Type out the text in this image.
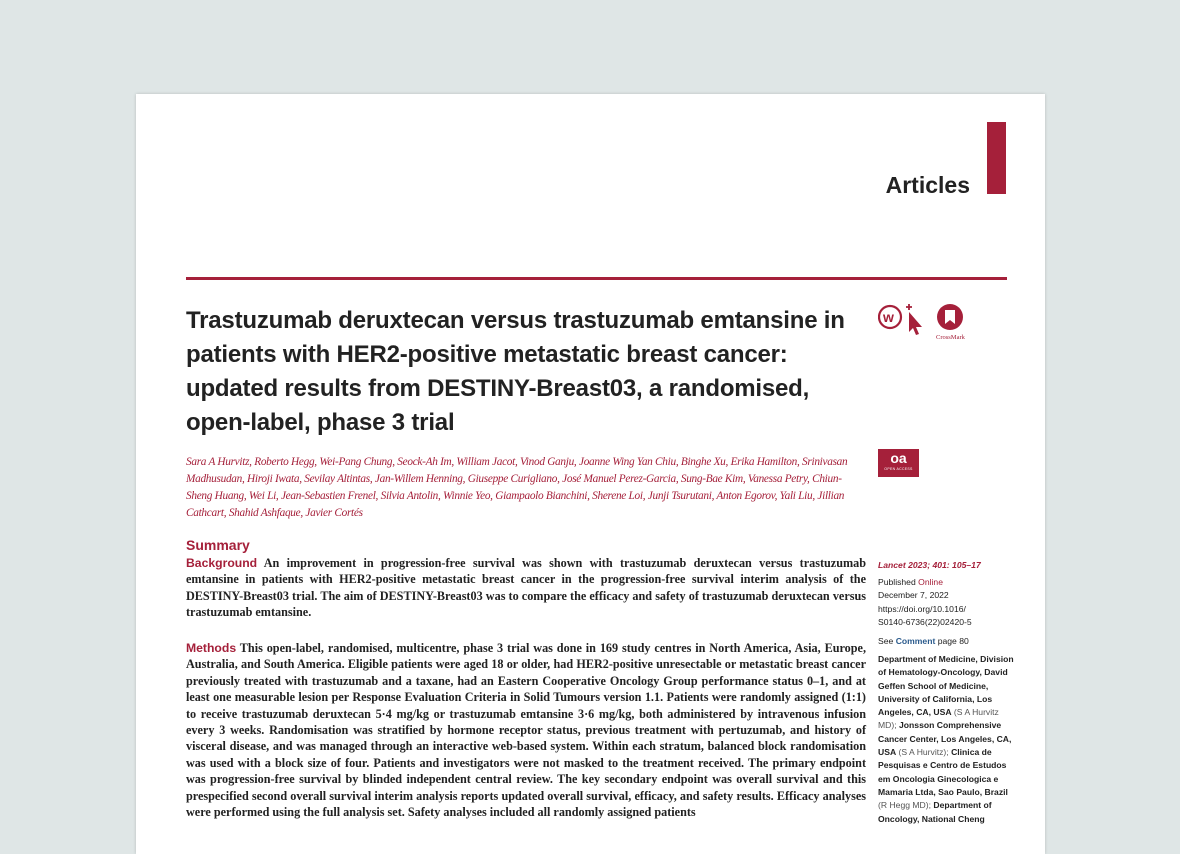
Articles
Trastuzumab deruxtecan versus trastuzumab emtansine in patients with HER2-positive metastatic breast cancer: updated results from DESTINY-Breast03, a randomised, open-label, phase 3 trial
w
CrossMark
oa
OPEN ACCESS
Sara A Hurvitz, Roberto Hegg, Wei-Pang Chung, Seock-Ah Im, William Jacot, Vinod Ganju, Joanne Wing Yan Chiu, Binghe Xu, Erika Hamilton, Srinivasan Madhusudan, Hiroji Iwata, Sevilay Altintas, Jan-Willem Henning, Giuseppe Curigliano, José Manuel Perez-Garcia, Sung-Bae Kim, Vanessa Petry, Chiun-Sheng Huang, Wei Li, Jean-Sebastien Frenel, Silvia Antolin, Winnie Yeo, Giampaolo Bianchini, Sherene Loi, Junji Tsurutani, Anton Egorov, Yali Liu, Jillian Cathcart, Shahid Ashfaque, Javier Cortés
Summary
Background An improvement in progression-free survival was shown with trastuzumab deruxtecan versus trastuzumab emtansine in patients with HER2-positive metastatic breast cancer in the progression-free survival interim analysis of the DESTINY-Breast03 trial. The aim of DESTINY-Breast03 was to compare the efficacy and safety of trastuzumab deruxtecan versus trastuzumab emtansine.
Methods This open-label, randomised, multicentre, phase 3 trial was done in 169 study centres in North America, Asia, Europe, Australia, and South America. Eligible patients were aged 18 or older, had HER2-positive unresectable or metastatic breast cancer previously treated with trastuzumab and a taxane, had an Eastern Cooperative Oncology Group performance status 0–1, and at least one measurable lesion per Response Evaluation Criteria in Solid Tumours version 1.1. Patients were randomly assigned (1:1) to receive trastuzumab deruxtecan 5·4 mg/kg or trastuzumab emtansine 3·6 mg/kg, both administered by intravenous infusion every 3 weeks. Randomisation was stratified by hormone receptor status, previous treatment with pertuzumab, and history of visceral disease, and was managed through an interactive web-based system. Within each stratum, balanced block randomisation was used with a block size of four. Patients and investigators were not masked to the treatment received. The primary endpoint was progression-free survival by blinded independent central review. The key secondary endpoint was overall survival and this prespecified second overall survival interim analysis reports updated overall survival, efficacy, and safety results. Efficacy analyses were performed using the full analysis set. Safety analyses included all randomly assigned patients
Lancet 2023; 401: 105–17
Published Online
December 7, 2022
https://doi.org/10.1016/
S0140-6736(22)02420-5
See Comment page 80
Department of Medicine, Division of Hematology-Oncology, David Geffen School of Medicine, University of California, Los Angeles, CA, USA (S A Hurvitz MD); Jonsson Comprehensive Cancer Center, Los Angeles, CA, USA (S A Hurvitz); Clinica de Pesquisas e Centro de Estudos em Oncologia Ginecologica e Mamaria Ltda, Sao Paulo, Brazil (R Hegg MD); Department of Oncology, National Cheng
